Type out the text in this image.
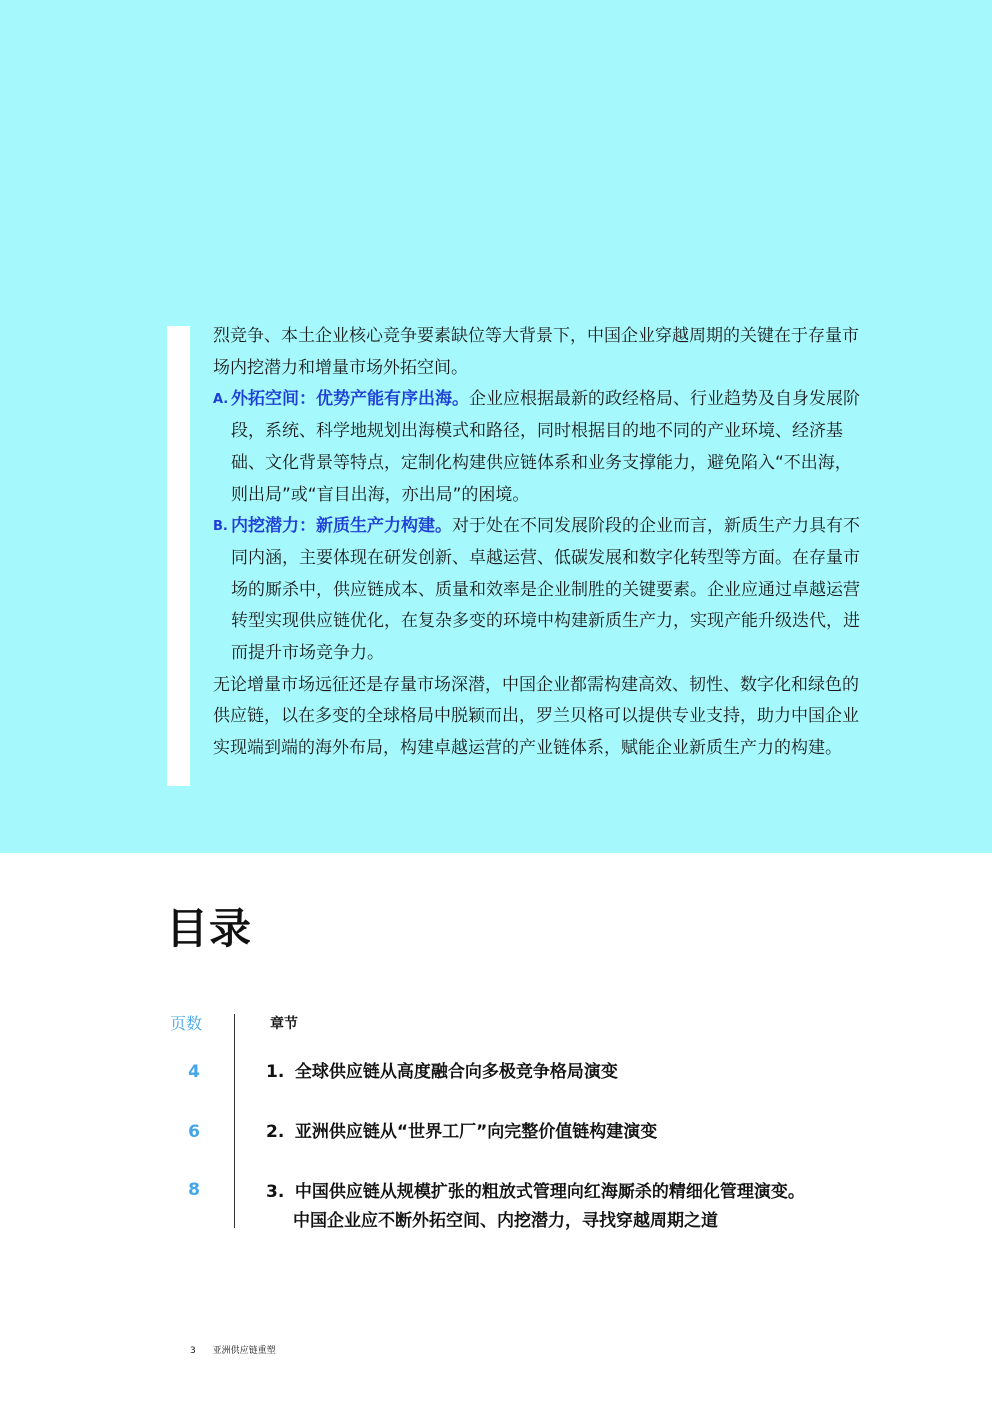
烈竞争、本土企业核心竞争要素缺位等大背景下，中国企业穿越周期的关键在于存量市场内挖潜力和增量市场外拓空间。

A. 外拓空间：优势产能有序出海。企业应根据最新的政经格局、行业趋势及自身发展阶段，系统、科学地规划出海模式和路径，同时根据目的地不同的产业环境、经济基础、文化背景等特点，定制化构建供应链体系和业务支撑能力，避免陷入“不出海，则出局”或“盲目出海，亦出局”的困境。
B. 内挖潜力：新质生产力构建。对于处在不同发展阶段的企业而言，新质生产力具有不同内涵，主要体现在研发创新、卓越运营、低碳发展和数字化转型等方面。在存量市场的厮杀中，供应链成本、质量和效率是企业制胜的关键要素。企业应通过卓越运营转型实现供应链优化，在复杂多变的环境中构建新质生产力，实现产能升级迭代，进而提升市场竞争力。

无论增量市场远征还是存量市场深潜，中国企业都需构建高效、韧性、数字化和绿色的供应链，以在多变的全球格局中脱颖而出，罗兰贝格可以提供专业支持，助力中国企业实现端到端的海外布局，构建卓越运营的产业链体系，赋能企业新质生产力的构建。

目录
页数	章节
4	1. 全球供应链从高度融合向多极竞争格局演变
6	2. 亚洲供应链从“世界工厂”向完整价值链构建演变
8	3. 中国供应链从规模扩张的粗放式管理向红海厮杀的精细化管理演变。
中国企业应不断外拓空间、内挖潜力，寻找穿越周期之道
3 亚洲供应链重塑
